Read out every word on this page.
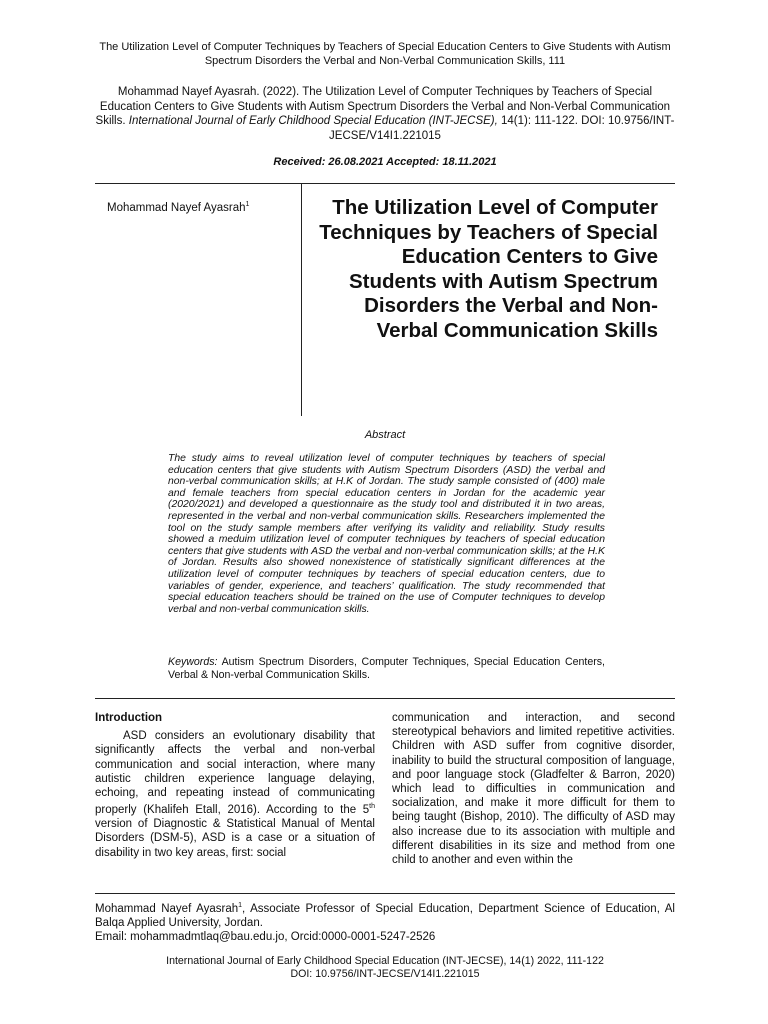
The Utilization Level of Computer Techniques by Teachers of Special Education Centers to Give Students with Autism Spectrum Disorders the Verbal and Non-Verbal Communication Skills, 111
Mohammad Nayef Ayasrah. (2022). The Utilization Level of Computer Techniques by Teachers of Special Education Centers to Give Students with Autism Spectrum Disorders the Verbal and Non-Verbal Communication Skills. International Journal of Early Childhood Special Education (INT-JECSE), 14(1): 111-122. DOI: 10.9756/INT-JECSE/V14I1.221015
Received: 26.08.2021 Accepted: 18.11.2021
Mohammad Nayef Ayasrah$^1$	The Utilization Level of Computer Techniques by Teachers of Special Education Centers to Give Students with Autism Spectrum Disorders the Verbal and Non-Verbal Communication Skills
Abstract
The study aims to reveal utilization level of computer techniques by teachers of special education centers that give students with Autism Spectrum Disorders (ASD) the verbal and non-verbal communication skills; at H.K of Jordan. The study sample consisted of (400) male and female teachers from special education centers in Jordan for the academic year (2020/2021) and developed a questionnaire as the study tool and distributed it in two areas, represented in the verbal and non-verbal communication skills. Researchers implemented the tool on the study sample members after verifying its validity and reliability. Study results showed a meduim utilization level of computer techniques by teachers of special education centers that give students with ASD the verbal and non-verbal communication skills; at the H.K of Jordan. Results also showed nonexistence of statistically significant differences at the utilization level of computer techniques by teachers of special education centers, due to variables of gender, experience, and teachers’ qualification. The study recommended that special education teachers should be trained on the use of Computer techniques to develop verbal and non-verbal communication skills.
Keywords: Autism Spectrum Disorders, Computer Techniques, Special Education Centers, Verbal & Non-verbal Communication Skills.
Introduction

ASD considers an evolutionary disability that significantly affects the verbal and non-verbal communication and social interaction, where many autistic children experience language delaying, echoing, and repeating instead of communicating properly (Khalifeh Etall, 2016). According to the 5th version of Diagnostic & Statistical Manual of Mental Disorders (DSM-5), ASD is a case or a situation of disability in two key areas, first: social

communication and interaction, and second stereotypical behaviors and limited repetitive activities. Children with ASD suffer from cognitive disorder, inability to build the structural composition of language, and poor language stock (Gladfelter & Barron, 2020) which lead to difficulties in communication and socialization, and make it more difficult for them to being taught (Bishop, 2010). The difficulty of ASD may also increase due to its association with multiple and different disabilities in its size and method from one child to another and even within the

Mohammad Nayef Ayasrah$^1$, Associate Professor of Special Education, Department Science of Education, Al Balqa Applied University, Jordan.
Email: mohammadmtlaq@bau.edu.jo, Orcid:0000-0001-5247-2526
International Journal of Early Childhood Special Education (INT-JECSE), 14(1) 2022, 111-122
DOI: 10.9756/INT-JECSE/V14I1.221015
